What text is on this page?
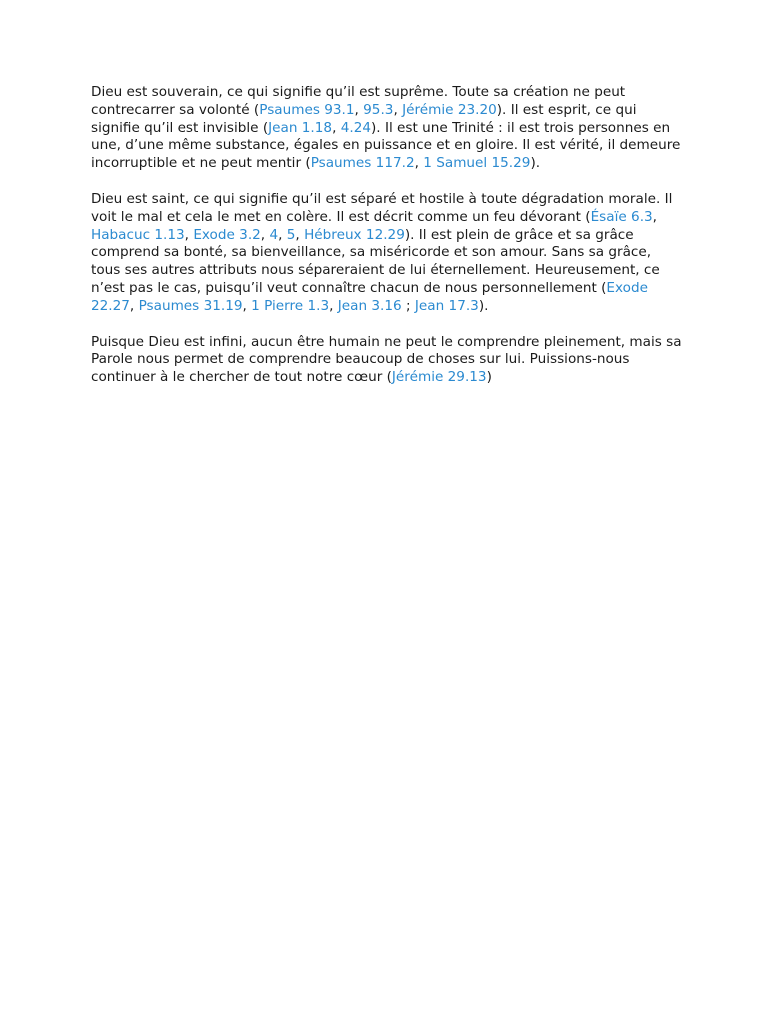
Dieu est souverain, ce qui signifie qu’il est suprême. Toute sa création ne peut contrecarrer sa volonté (Psaumes 93.1, 95.3, Jérémie 23.20). Il est esprit, ce qui signifie qu’il est invisible (Jean 1.18, 4.24). Il est une Trinité : il est trois personnes en une, d’une même substance, égales en puissance et en gloire. Il est vérité, il demeure incorruptible et ne peut mentir (Psaumes 117.2, 1 Samuel 15.29).

Dieu est saint, ce qui signifie qu’il est séparé et hostile à toute dégradation morale. Il voit le mal et cela le met en colère. Il est décrit comme un feu dévorant (Ésaïe 6.3, Habacuc 1.13, Exode 3.2, 4, 5, Hébreux 12.29). Il est plein de grâce et sa grâce comprend sa bonté, sa bienveillance, sa miséricorde et son amour. Sans sa grâce, tous ses autres attributs nous sépareraient de lui éternellement. Heureusement, ce n’est pas le cas, puisqu’il veut connaître chacun de nous personnellement (Exode 22.27, Psaumes 31.19, 1 Pierre 1.3, Jean 3.16 ; Jean 17.3).

Puisque Dieu est infini, aucun être humain ne peut le comprendre pleinement, mais sa Parole nous permet de comprendre beaucoup de choses sur lui. Puissions-nous continuer à le chercher de tout notre cœur (Jérémie 29.13)
